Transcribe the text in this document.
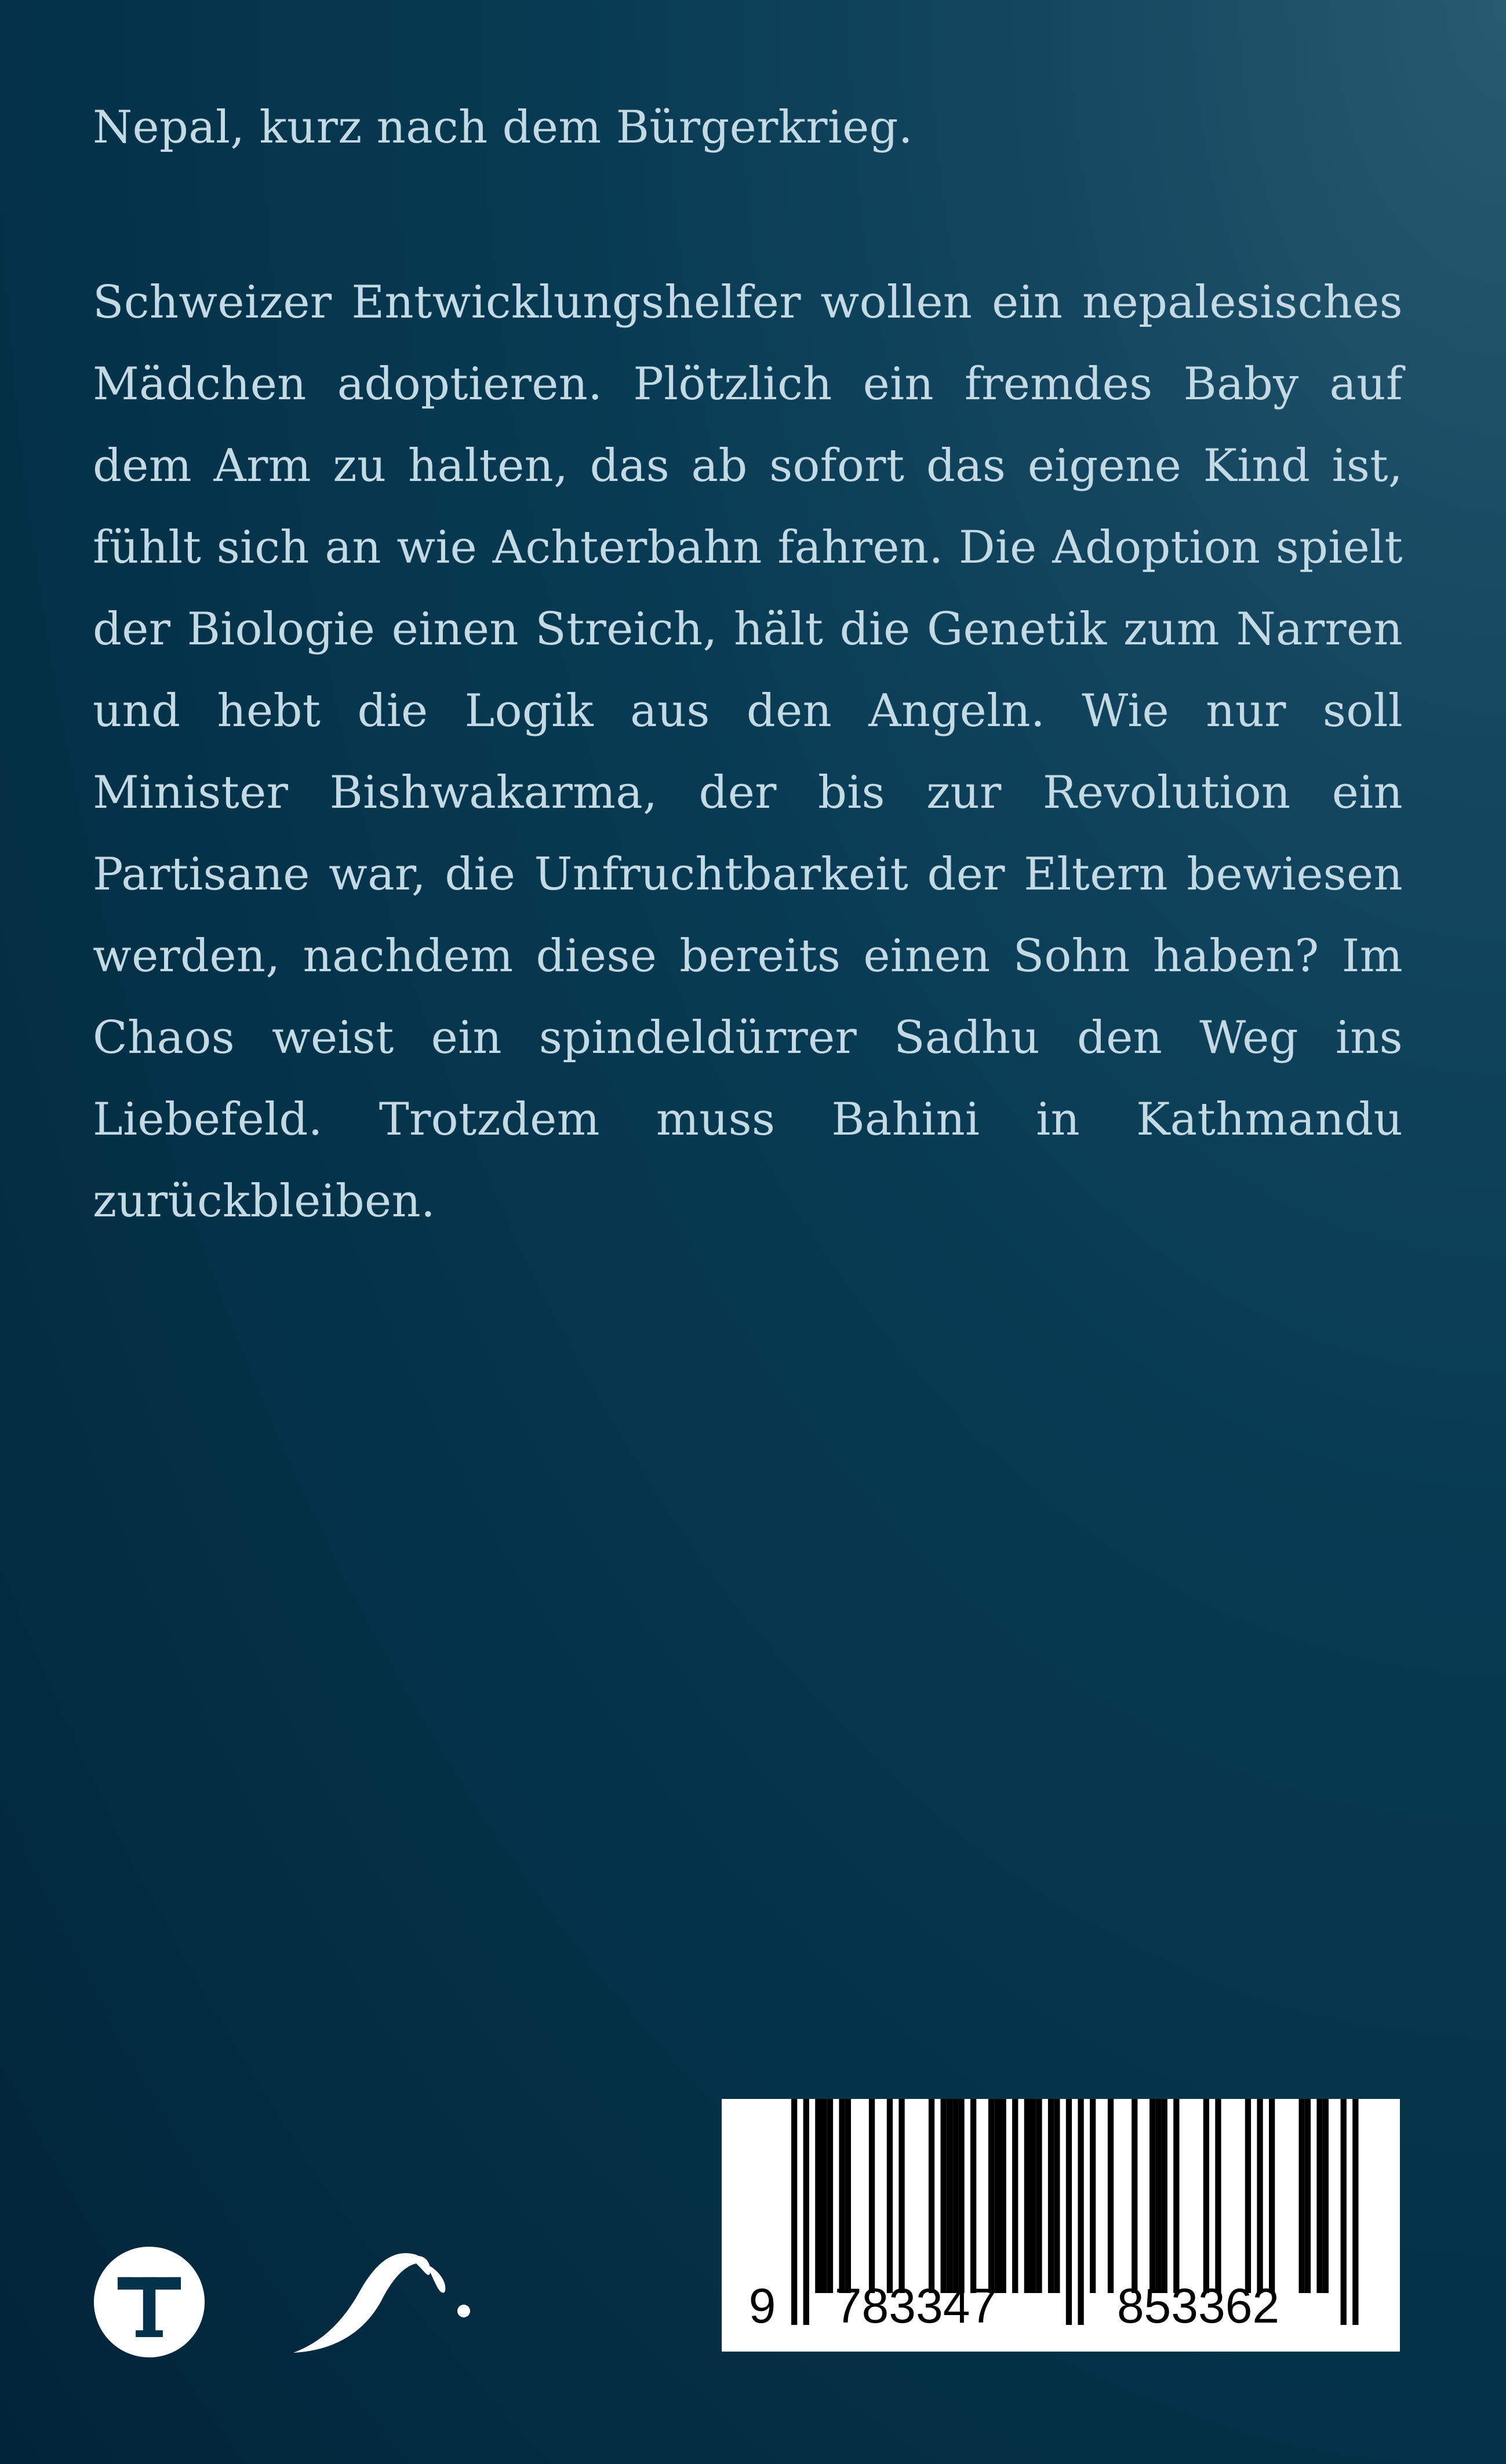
Nepal, kurz nach dem Bürgerkrieg.

Schweizer Entwicklungshelfer wollen ein nepalesisches Mädchen adoptieren. Plötzlich ein fremdes Baby auf dem Arm zu halten, das ab sofort das eigene Kind ist, fühlt sich an wie Achterbahn fahren. Die Adoption spielt der Biologie einen Streich, hält die Genetik zum Narren und hebt die Logik aus den Angeln. Wie nur soll Minister Bishwakarma, der bis zur Revolution ein Partisane war, die Unfruchtbarkeit der Eltern bewiesen werden, nachdem diese bereits einen Sohn haben? Im Chaos weist ein spindeldürrer Sadhu den Weg ins Liebefeld. Trotzdem muss Bahini in Kathmandu zurückbleiben.

9 783347 853362
